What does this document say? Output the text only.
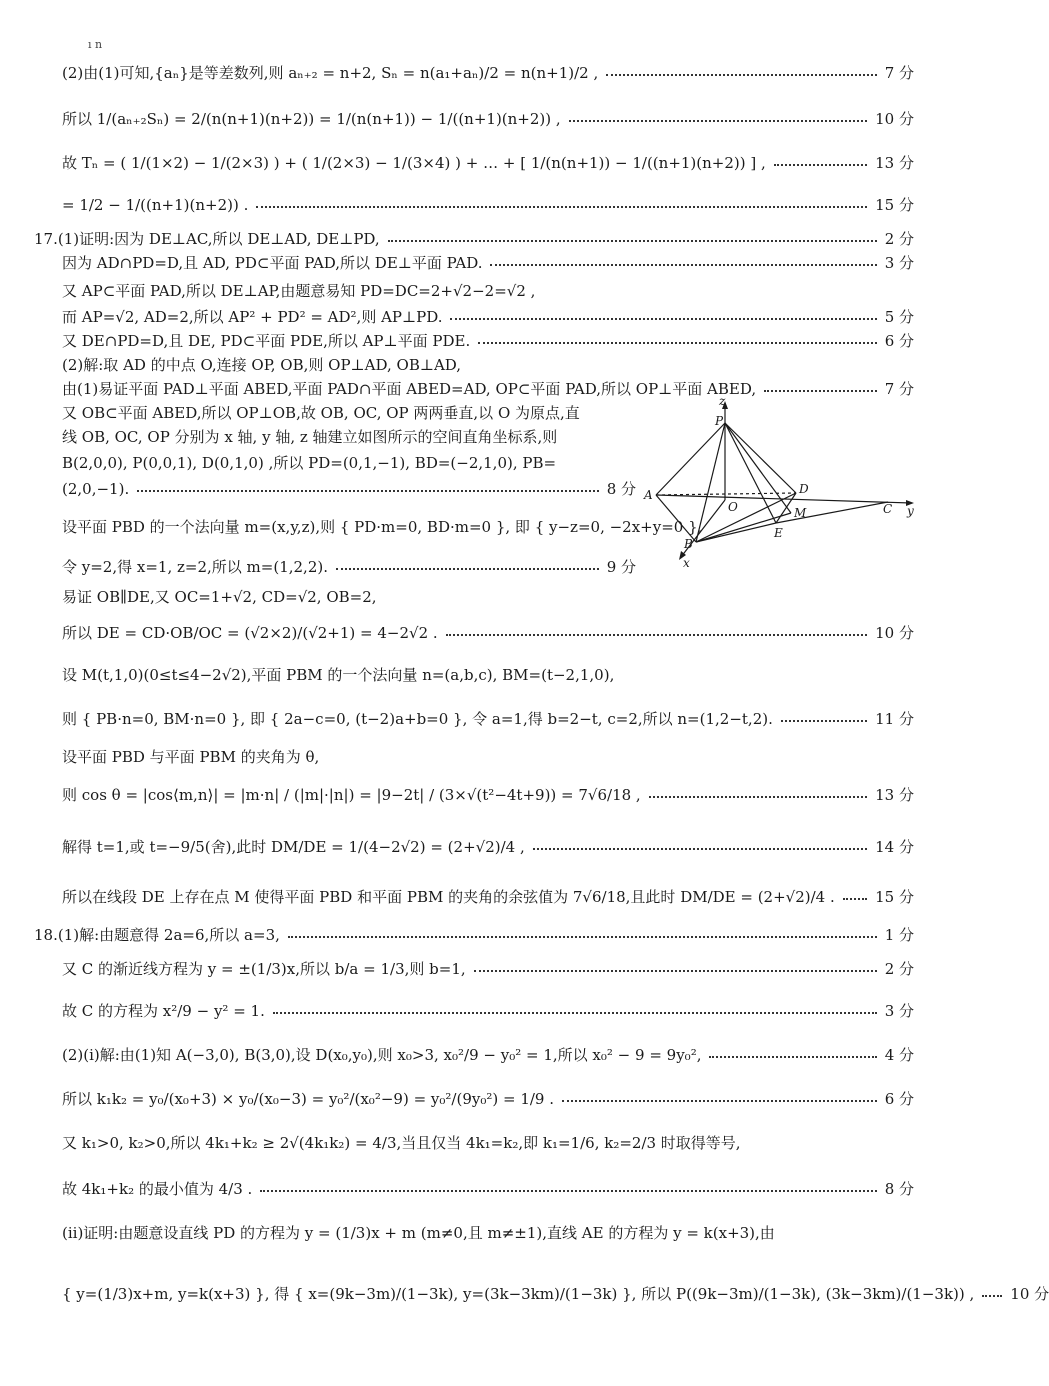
ı n
(2)由(1)可知,{aₙ}是等差数列,则 aₙ₊₂ = n+2, Sₙ = n(a₁+aₙ)/2 = n(n+1)/2 ,	7 分
所以 1/(aₙ₊₂Sₙ) = 2/(n(n+1)(n+2)) = 1/(n(n+1)) − 1/((n+1)(n+2)) ,	10 分
故 Tₙ = ( 1/(1×2) − 1/(2×3) ) + ( 1/(2×3) − 1/(3×4) ) + … + [ 1/(n(n+1)) − 1/((n+1)(n+2)) ] ,	13 分
= 1/2 − 1/((n+1)(n+2)) .	15 分
17.(1)证明:因为 DE⊥AC,所以 DE⊥AD, DE⊥PD,	2 分
因为 AD∩PD=D,且 AD, PD⊂平面 PAD,所以 DE⊥平面 PAD.	3 分
而 AP=√2, AD=2,所以 AP² + PD² = AD²,则 AP⊥PD.	5 分
又 DE∩PD=D,且 DE, PD⊂平面 PDE,所以 AP⊥平面 PDE.	6 分
由(1)易证平面 PAD⊥平面 ABED,平面 PAD∩平面 ABED=AD, OP⊂平面 PAD,所以 OP⊥平面 ABED,	7 分
(2,0,−1).	8 分
令 y=2,得 x=1, z=2,所以 m=(1,2,2).	9 分
所以 DE = CD·OB/OC = (√2×2)/(√2+1) = 4−2√2 .	10 分
则 { PB·n=0, BM·n=0 }, 即 { 2a−c=0, (t−2)a+b=0 }, 令 a=1,得 b=2−t, c=2,所以 n=(1,2−t,2).	11 分
则 cos θ = |cos⟨m,n⟩| = |m·n| / (|m|·|n|) = |9−2t| / (3×√(t²−4t+9)) = 7√6/18 ,	13 分
解得 t=1,或 t=−9/5(舍),此时 DM/DE = 1/(4−2√2) = (2+√2)/4 ,	14 分
所以在线段 DE 上存在点 M 使得平面 PBD 和平面 PBM 的夹角的余弦值为 7√6/18,且此时 DM/DE = (2+√2)/4 .	15 分
18.(1)解:由题意得 2a=6,所以 a=3,	1 分
又 C 的渐近线方程为 y = ±(1/3)x,所以 b/a = 1/3,则 b=1,	2 分
故 C 的方程为 x²/9 − y² = 1.	3 分
(2)(ⅰ)解:由(1)知 A(−3,0), B(3,0),设 D(x₀,y₀),则 x₀>3, x₀²/9 − y₀² = 1,所以 x₀² − 9 = 9y₀²,	4 分
所以 k₁k₂ = y₀/(x₀+3) × y₀/(x₀−3) = y₀²/(x₀²−9) = y₀²/(9y₀²) = 1/9 .	6 分
故 4k₁+k₂ 的最小值为 4/3 .	8 分
{ y=(1/3)x+m, y=k(x+3) }, 得 { x=(9k−3m)/(1−3k), y=(3k−3km)/(1−3k) }, 所以 P((9k−3m)/(1−3k), (3k−3km)/(1−3k)) , 10 分
又 AP⊂平面 PAD,所以 DE⊥AP,由题意易知 PD=DC=2+√2−2=√2 ,
(2)解:取 AD 的中点 O,连接 OP, OB,则 OP⊥AD, OB⊥AD,
又 OB⊂平面 ABED,所以 OP⊥OB,故 OB, OC, OP 两两垂直,以 O 为原点,直
线 OB, OC, OP 分别为 x 轴, y 轴, z 轴建立如图所示的空间直角坐标系,则
B(2,0,0), P(0,0,1), D(0,1,0) ,所以 PD=(0,1,−1), BD=(−2,1,0), PB=
设平面 PBD 的一个法向量 m=(x,y,z),则 { PD·m=0, BD·m=0 }, 即 { y−z=0, −2x+y=0 },
易证 OB∥DE,又 OC=1+√2, CD=√2, OB=2,
设 M(t,1,0)(0≤t≤4−2√2),平面 PBM 的一个法向量 n=(a,b,c), BM=(t−2,1,0),
设平面 PBD 与平面 PBM 的夹角为 θ,
又 k₁>0, k₂>0,所以 4k₁+k₂ ≥ 2√(4k₁k₂) = 4/3,当且仅当 4k₁=k₂,即 k₁=1/6, k₂=2/3 时取得等号,
(ⅱ)证明:由题意设直线 PD 的方程为 y = (1/3)x + m (m≠0,且 m≠±1),直线 AE 的方程为 y = k(x+3),由
z
P
A
O
D
M	C y
B
E
x
